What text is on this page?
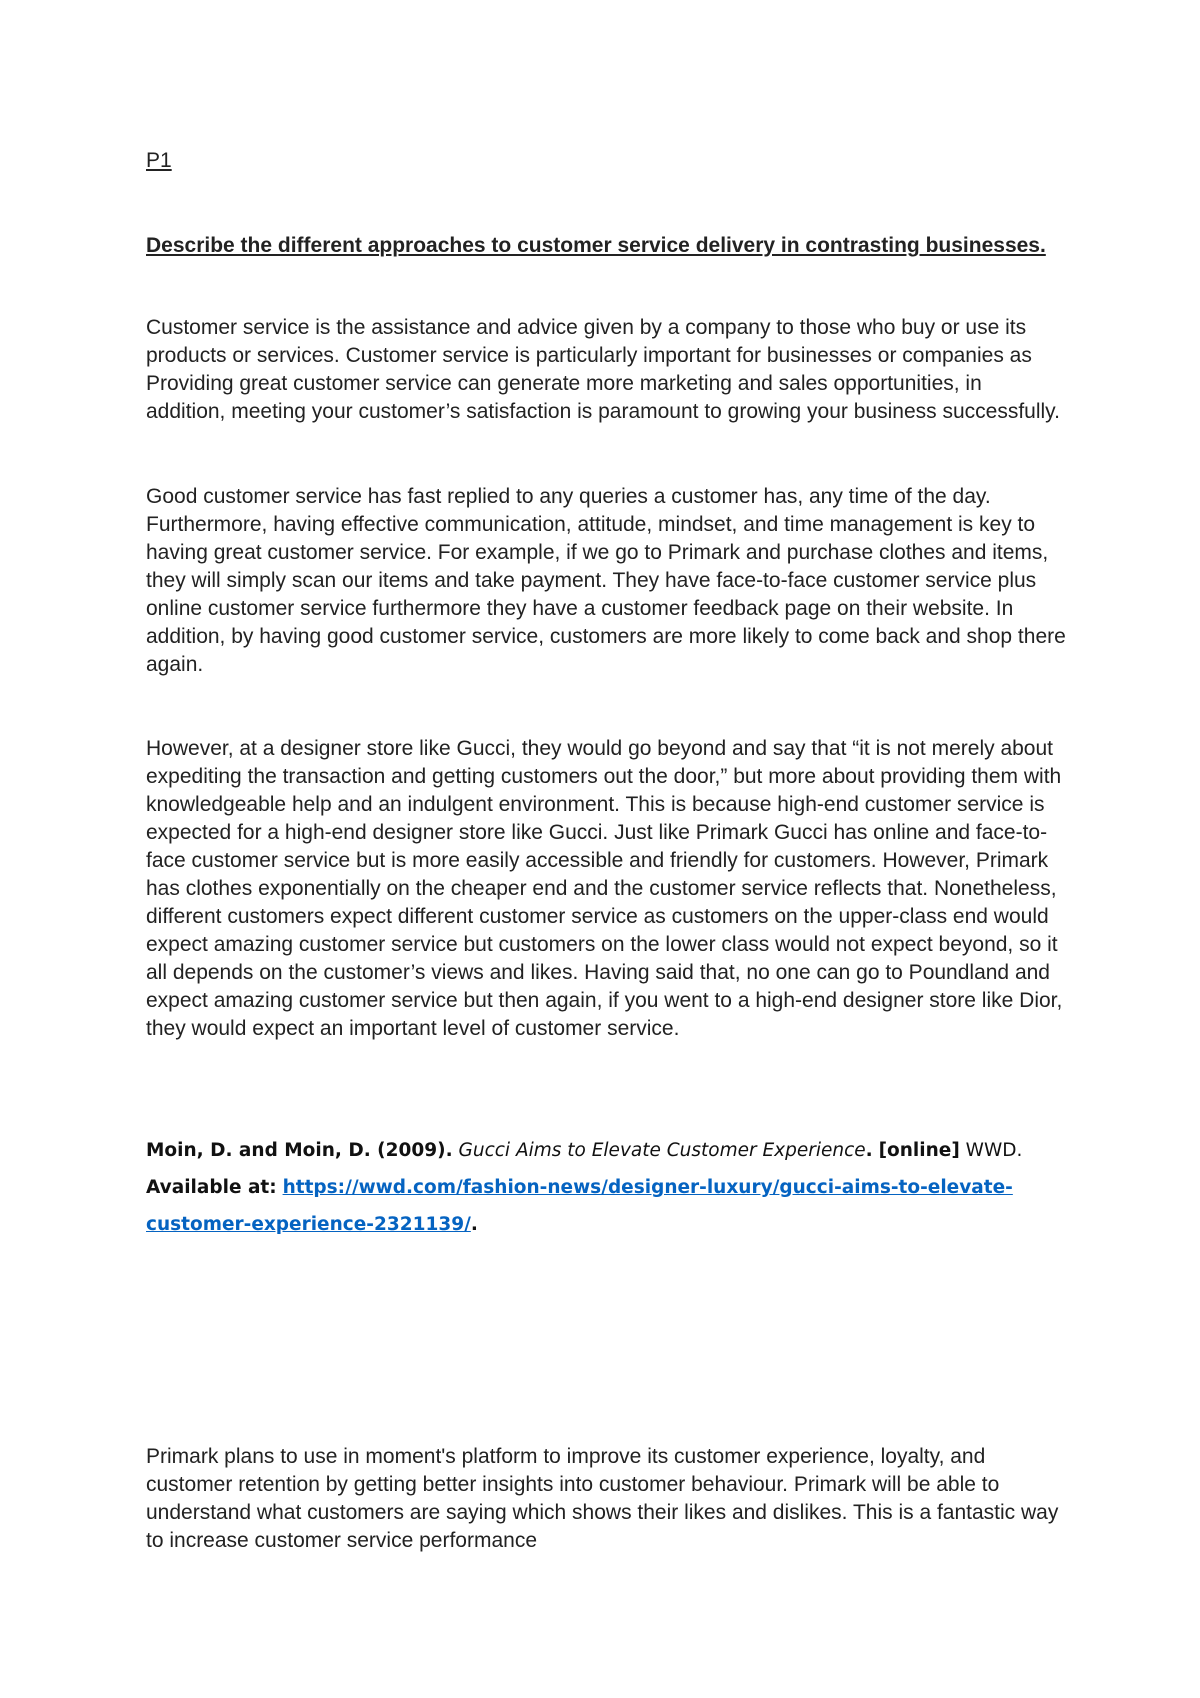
P1

Describe the different approaches to customer service delivery in contrasting businesses.

Customer service is the assistance and advice given by a company to those who buy or use its products or services. Customer service is particularly important for businesses or companies as Providing great customer service can generate more marketing and sales opportunities, in addition, meeting your customer’s satisfaction is paramount to growing your business successfully.

Good customer service has fast replied to any queries a customer has, any time of the day. Furthermore, having effective communication, attitude, mindset, and time management is key to having great customer service. For example, if we go to Primark and purchase clothes and items, they will simply scan our items and take payment. They have face-to-face customer service plus online customer service furthermore they have a customer feedback page on their website. In addition, by having good customer service, customers are more likely to come back and shop there again.

However, at a designer store like Gucci, they would go beyond and say that “it is not merely about expediting the transaction and getting customers out the door,” but more about providing them with knowledgeable help and an indulgent environment. This is because high-end customer service is expected for a high-end designer store like Gucci. Just like Primark Gucci has online and face-to-face customer service but is more easily accessible and friendly for customers. However, Primark has clothes exponentially on the cheaper end and the customer service reflects that. Nonetheless, different customers expect different customer service as customers on the upper-class end would expect amazing customer service but customers on the lower class would not expect beyond, so it all depends on the customer’s views and likes. Having said that, no one can go to Poundland and expect amazing customer service but then again, if you went to a high-end designer store like Dior, they would expect an important level of customer service.

Moin, D. and Moin, D. (2009). Gucci Aims to Elevate Customer Experience. [online] WWD. Available at: https://wwd.com/fashion-news/designer-luxury/gucci-aims-to-elevate-customer-experience-2321139/.

Primark plans to use in moment's platform to improve its customer experience, loyalty, and customer retention by getting better insights into customer behaviour. Primark will be able to understand what customers are saying which shows their likes and dislikes. This is a fantastic way to increase customer service performance
